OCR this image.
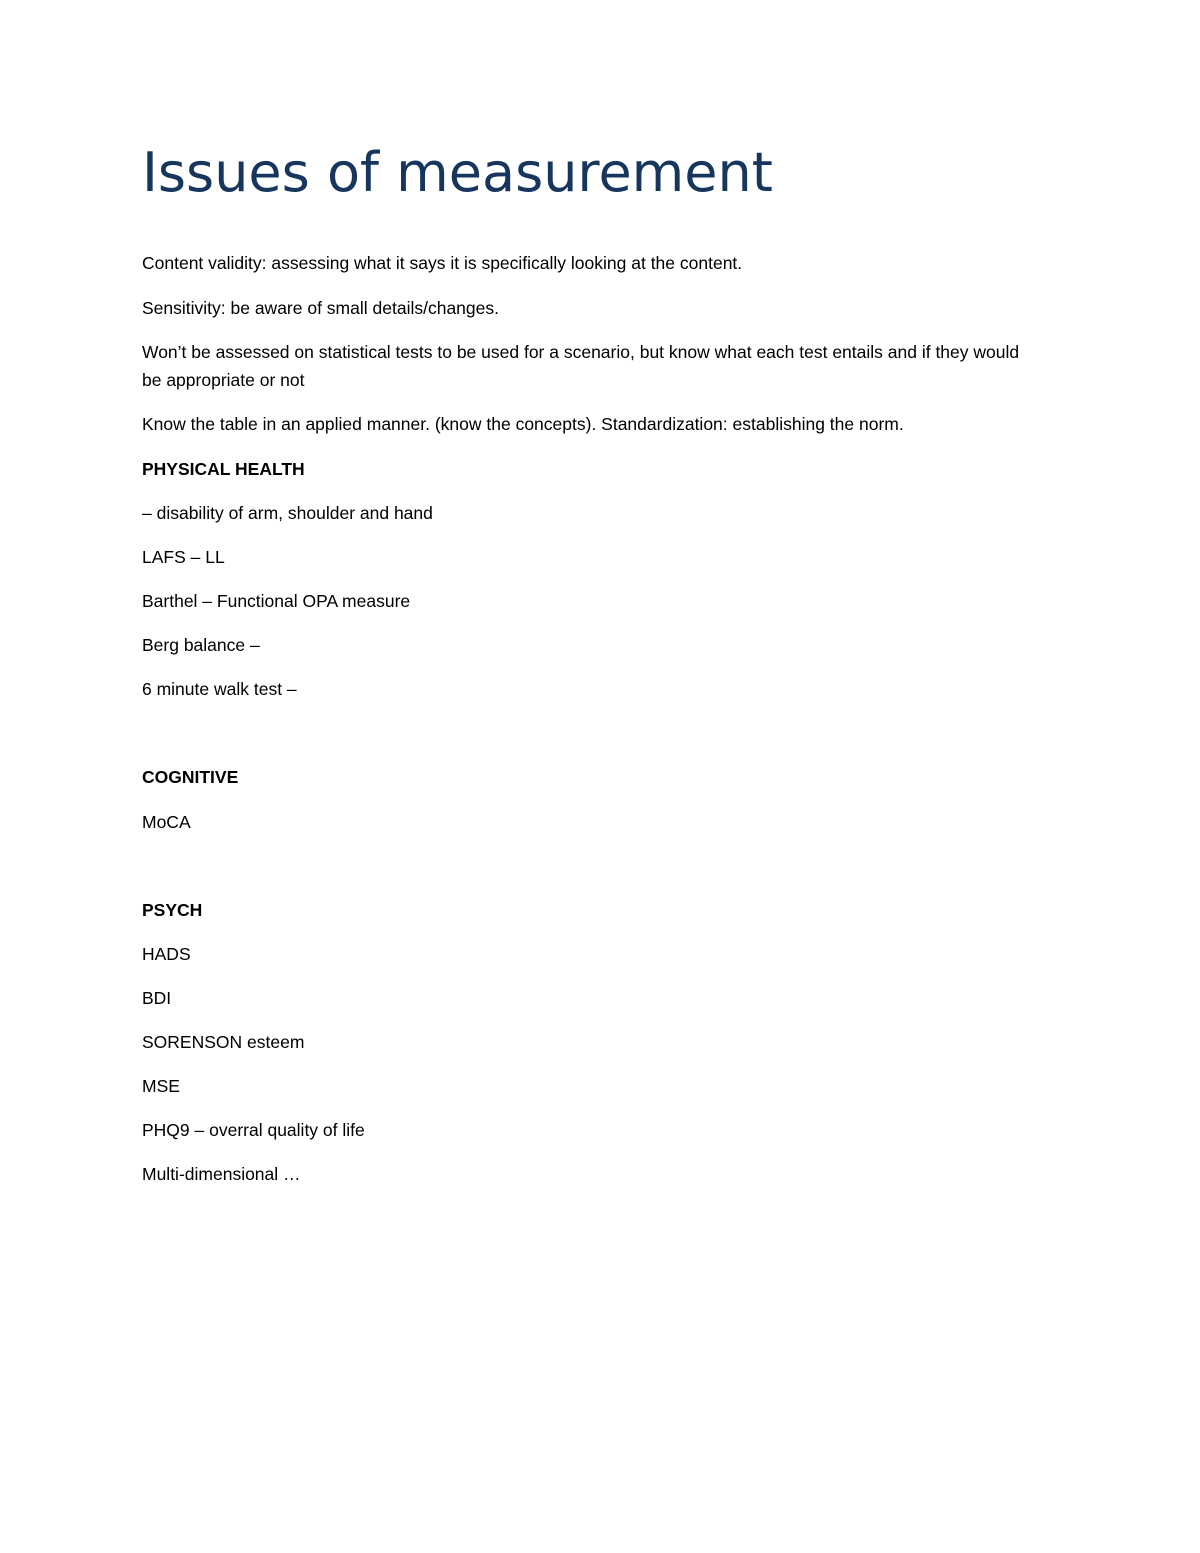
Issues of measurement

Content validity: assessing what it says it is specifically looking at the content.

Sensitivity: be aware of small details/changes.

Won’t be assessed on statistical tests to be used for a scenario, but know what each test entails and if they would be appropriate or not

Know the table in an applied manner. (know the concepts). Standardization: establishing the norm.

PHYSICAL HEALTH

– disability of arm, shoulder and hand

LAFS – LL

Barthel – Functional OPA measure

Berg balance –

6 minute walk test –

COGNITIVE

MoCA

PSYCH

HADS

BDI

SORENSON esteem

MSE

PHQ9 – overral quality of life

Multi-dimensional …
